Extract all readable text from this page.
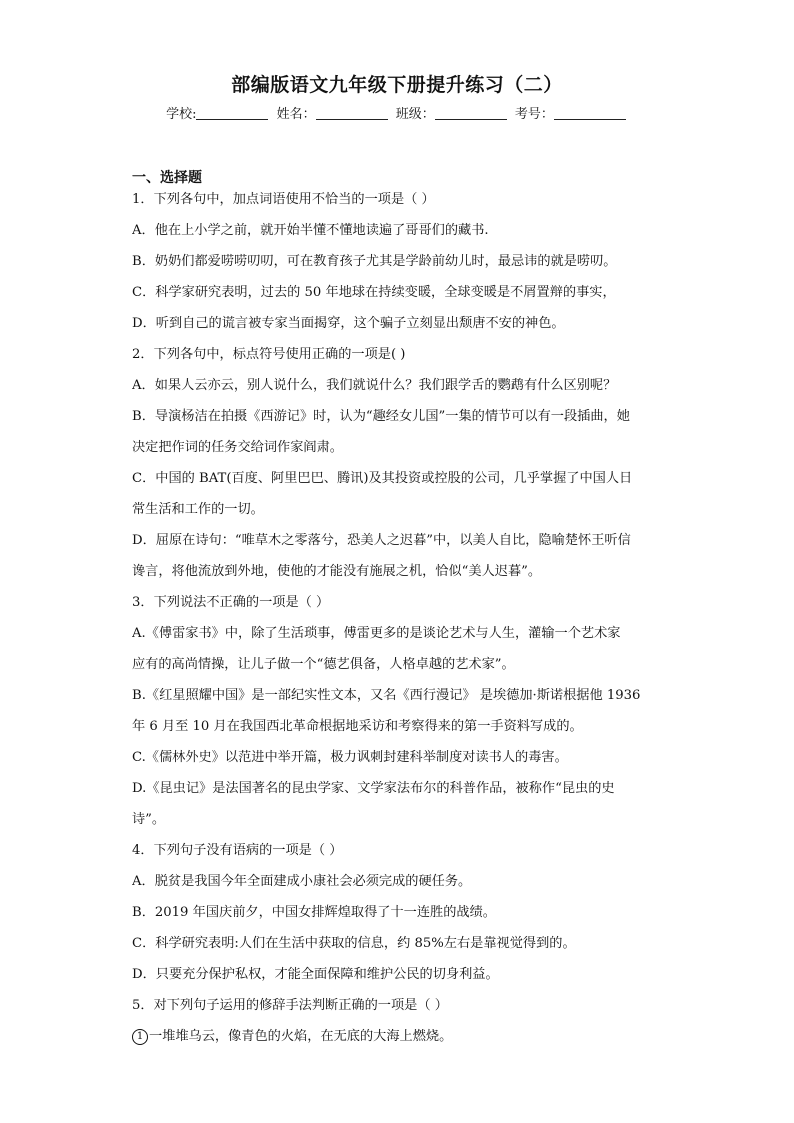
部编版语文九年级下册提升练习（二）
学校:	姓名：	班级：	考号：
一、选择题
1．下列各句中，加点词语使用不恰当的一项是（ ）
A．他在上小学之前，就开始半懂不懂地读遍了哥哥们的藏书.
B．奶奶们都爱唠唠叨叨，可在教育孩子尤其是学龄前幼儿时，最忌讳的就是唠叨。
C．科学家研究表明，过去的 50 年地球在持续变暖，全球变暖是不屑置辩的事实，
D．听到自己的谎言被专家当面揭穿，这个骗子立刻显出颓唐不安的神色。
2．下列各句中，标点符号使用正确的一项是( )
A．如果人云亦云，别人说什么，我们就说什么？我们跟学舌的鹦鹉有什么区别呢？
B．导演杨洁在拍摄《西游记》时，认为“趣经女儿国”一集的情节可以有一段插曲，她
决定把作词的任务交给词作家阎肃。
C．中国的 BAT(百度、阿里巴巴、腾讯)及其投资或控股的公司，几乎掌握了中国人日
常生活和工作的一切。
D．屈原在诗句：“唯草木之零落兮，恐美人之迟暮”中，以美人自比，隐喻楚怀王听信
谗言，将他流放到外地，使他的才能没有施展之机，恰似“美人迟暮”。
3．下列说法不正确的一项是（ ）
A.《傅雷家书》中，除了生活琐事，傅雷更多的是谈论艺术与人生，灌输一个艺术家
应有的高尚情操，让儿子做一个“德艺俱备，人格卓越的艺术家”。
B.《红星照耀中国》是一部纪实性文本，又名《西行漫记》 是埃德加·斯诺根据他 1936
年 6 月至 10 月在我国西北革命根据地采访和考察得来的第一手资料写成的。
C.《儒林外史》以范进中举开篇，极力讽刺封建科举制度对读书人的毒害。
D.《昆虫记》是法国著名的昆虫学家、文学家法布尔的科普作品，被称作“昆虫的史
诗”。
4．下列句子没有语病的一项是（ ）
A．脱贫是我国今年全面建成小康社会必须完成的硬任务。
B．2019 年国庆前夕，中国女排辉煌取得了十一连胜的战绩。
C．科学研究表明:人们在生活中获取的信息，约 85%左右是靠视觉得到的。
D．只要充分保护私权，才能全面保障和维护公民的切身利益。
5．对下列句子运用的修辞手法判断正确的一项是（ ）
1 一堆堆乌云，像青色的火焰，在无底的大海上燃烧。
